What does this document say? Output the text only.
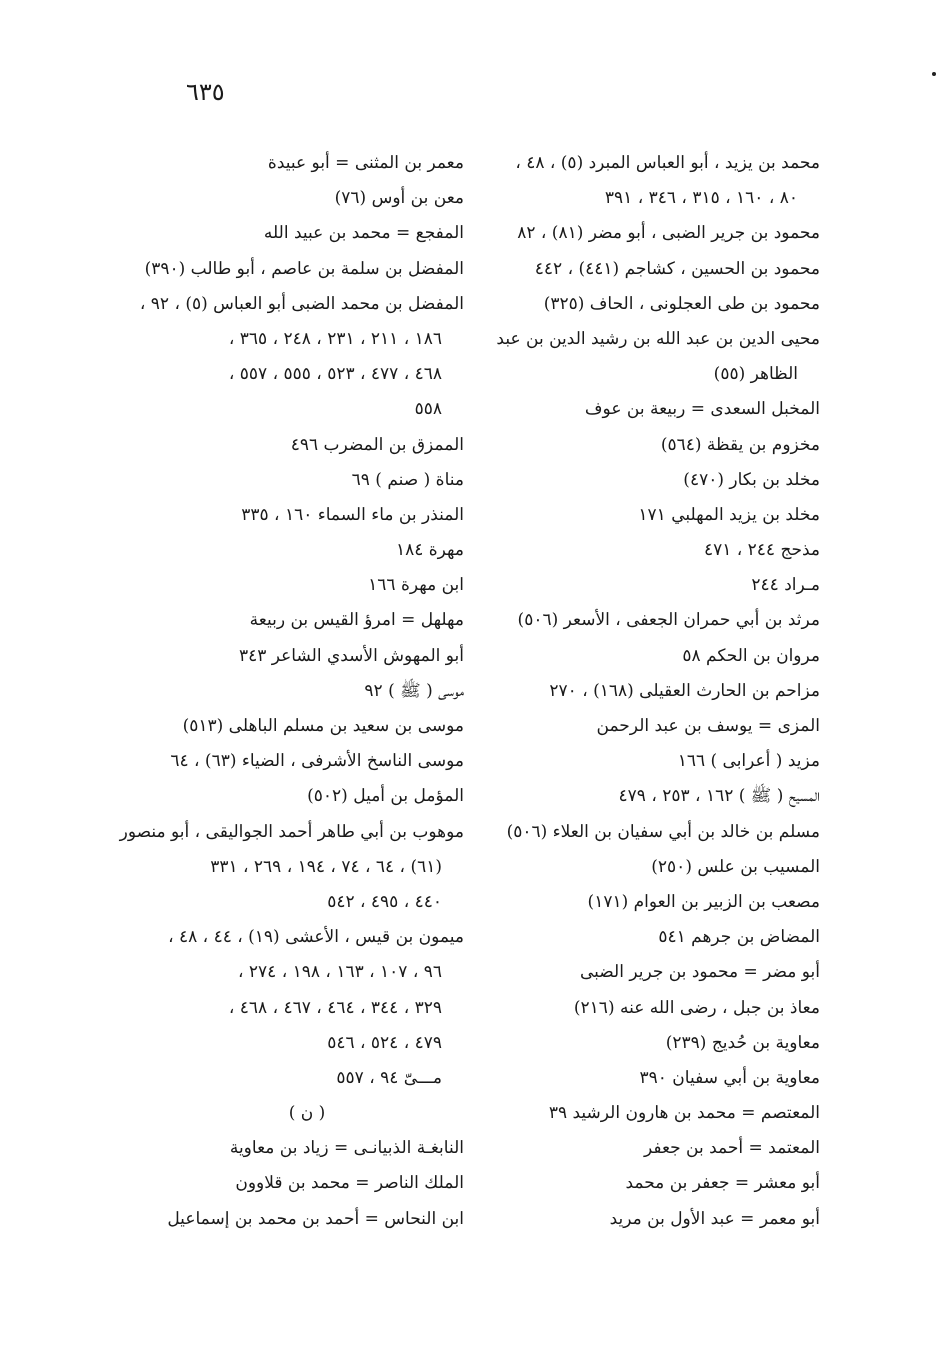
٦٣٥
محمد بن يزيد ، أبو العباس المبرد (٥) ، ٤٨ ،
٨٠ ، ١٦٠ ، ٣١٥ ، ٣٤٦ ، ٣٩١
محمود بن جرير الضبى ، أبو مضر (٨١) ، ٨٢
محمود بن الحسين ، كشاجم (٤٤١) ، ٤٤٢
محمود بن طى العجلونى ، الحاف (٣٢٥)
محيى الدين بن عبد الله بن رشيد الدين بن عبد
الظاهر (٥٥)
المخبل السعدى = ربيعة بن عوف
مخزوم بن يقظة (٥٦٤)
مخلد بن بكار (٤٧٠)
مخلد بن يزيد المهلبي ١٧١
مذحج ٢٤٤ ، ٤٧١
مـراد ٢٤٤
مرثد بن أبي حمران الجعفى ، الأسعر (٥٠٦)
مروان بن الحكم ٥٨
مزاحم بن الحارث العقيلى (١٦٨) ، ٢٧٠
المزى = يوسف بن عبد الرحمن
مزيد ( أعرابى ) ١٦٦
المسيح ( ﷺ ) ١٦٢ ، ٢٥٣ ، ٤٧٩
مسلم بن خالد بن أبي سفيان بن العلاء (٥٠٦)
المسيب بن علس (٢٥٠)
مصعب بن الزبير بن العوام (١٧١)
المضاض بن جرهم ٥٤١
أبو مضر = محمود بن جرير الضبى
معاذ بن جبل ، رضى الله عنه (٢١٦)
معاوية بن حُديج (٢٣٩)
معاوية بن أبي سفيان ٣٩٠
المعتصم = محمد بن هارون الرشيد ٣٩
المعتمد = أحمد بن جعفر
أبو معشر = جعفر بن محمد
أبو معمر = عبد الأول بن مريد
معمر بن المثنى = أبو عبيدة
معن بن أوس (٧٦)
المفجع = محمد بن عبيد الله
المفضل بن سلمة بن عاصم ، أبو طالب (٣٩٠)
المفضل بن محمد الضبى أبو العباس (٥) ، ٩٢ ،
١٨٦ ، ٢١١ ، ٢٣١ ، ٢٤٨ ، ٣٦٥ ،
٤٦٨ ، ٤٧٧ ، ٥٢٣ ، ٥٥٥ ، ٥٥٧ ،
٥٥٨
الممزق بن المضرب ٤٩٦
مناة ( صنم ) ٦٩
المنذر بن ماء السماء ١٦٠ ، ٣٣٥
مهرة ١٨٤
ابن مهرة ١٦٦
مهلهل = امرؤ القيس بن ربيعة
أبو المهوش الأسدي الشاعر ٣٤٣
موسى ( ﷺ ) ٩٢
موسى بن سعيد بن مسلم الباهلى (٥١٣)
موسى الناسخ الأشرفى ، الضياء (٦٣) ، ٦٤
المؤمل بن أميل (٥٠٢)
موهوب بن أبي طاهر أحمد الجواليقى ، أبو منصور
(٦١) ، ٦٤ ، ٧٤ ، ١٩٤ ، ٢٦٩ ، ٣٣١
٤٤٠ ، ٤٩٥ ، ٥٤٢
ميمون بن قيس ، الأعشى (١٩) ، ٤٤ ، ٤٨ ،
٩٦ ، ١٠٧ ، ١٦٣ ، ١٩٨ ، ٢٧٤ ،
٣٢٩ ، ٣٤٤ ، ٤٦٤ ، ٤٦٧ ، ٤٦٨ ،
٤٧٩ ، ٥٢٤ ، ٥٤٦
مـــىّ ٩٤ ، ٥٥٧
( ن )
النابغـة الذبيانـى = زياد بن معاوية
الملك الناصر = محمد بن قلاوون
ابن النحاس = أحمد بن محمد بن إسماعيل
